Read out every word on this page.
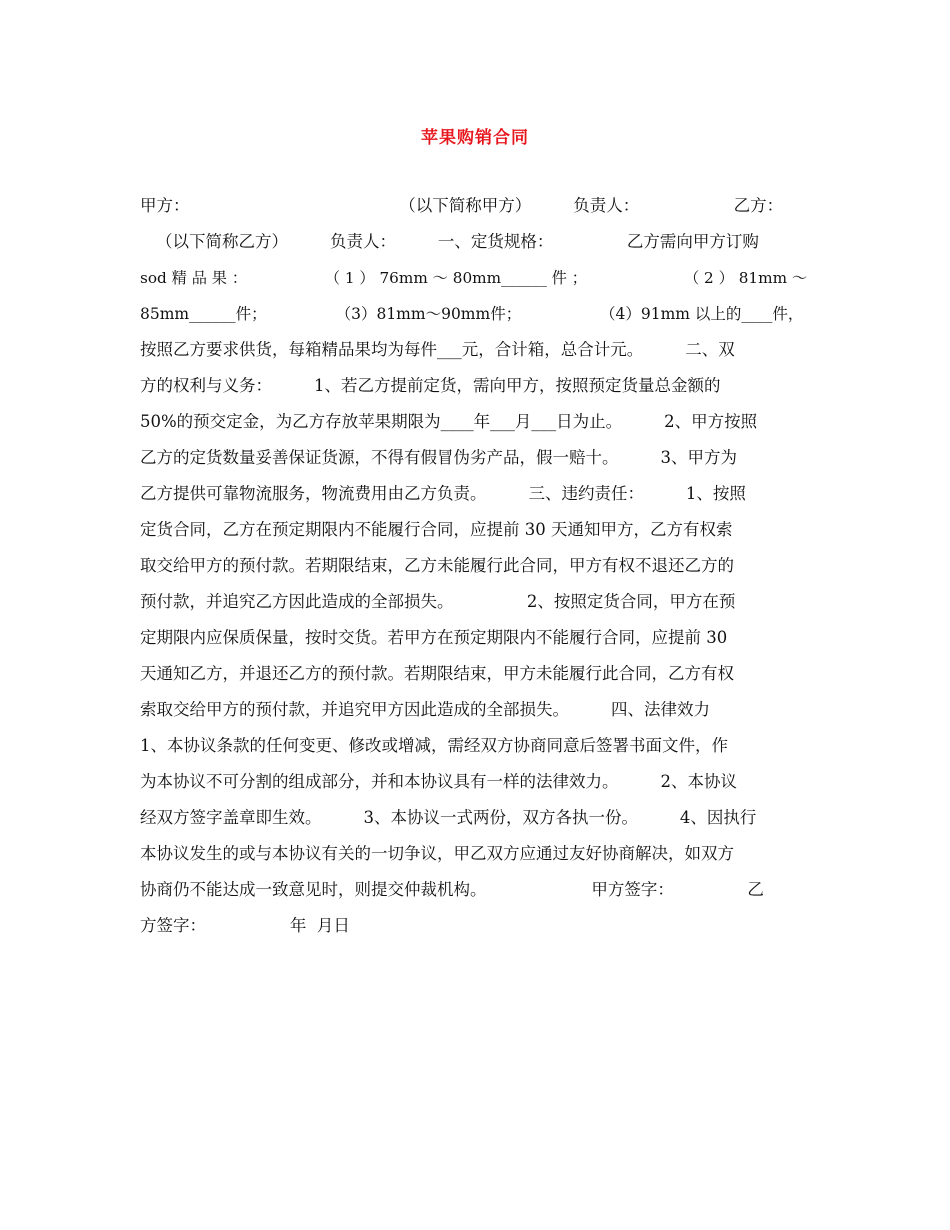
苹果购销合同
甲方：                                        （以下简称甲方）        负责人：                  乙方：
（以下简称乙方）        负责人：        一、定货规格：              乙方需向甲方订购
sod 精 品 果 ：                （ 1 ） 76mm ～ 80mm______ 件 ；                    （ 2 ） 81mm ～
85mm______件；              （3）81mm～90mm件；                （4）91mm 以上的____件，
按照乙方要求供货，每箱精品果均为每件___元，合计箱，总合计元。        二、双
方的权利与义务：        1、若乙方提前定货，需向甲方，按照预定货量总金额的
50%的预交定金，为乙方存放苹果期限为____年___月___日为止。        2、甲方按照
乙方的定货数量妥善保证货源，不得有假冒伪劣产品，假一赔十。        3、甲方为
乙方提供可靠物流服务，物流费用由乙方负责。        三、违约责任：        1、按照
定货合同，乙方在预定期限内不能履行合同，应提前 30 天通知甲方，乙方有权索
取交给甲方的预付款。若期限结束，乙方未能履行此合同，甲方有权不退还乙方的
预付款，并追究乙方因此造成的全部损失。              2、按照定货合同，甲方在预
定期限内应保质保量，按时交货。若甲方在预定期限内不能履行合同，应提前 30
天通知乙方，并退还乙方的预付款。若期限结束，甲方未能履行此合同，乙方有权
索取交给甲方的预付款，并追究甲方因此造成的全部损失。        四、法律效力
1、本协议条款的任何变更、修改或增减，需经双方协商同意后签署书面文件，作
为本协议不可分割的组成部分，并和本协议具有一样的法律效力。        2、本协议
经双方签字盖章即生效。        3、本协议一式两份，双方各执一份。        4、因执行
本协议发生的或与本协议有关的一切争议，甲乙双方应通过友好协商解决，如双方
协商仍不能达成一致意见时，则提交仲裁机构。                    甲方签字：              乙
方签字：                年  月日
